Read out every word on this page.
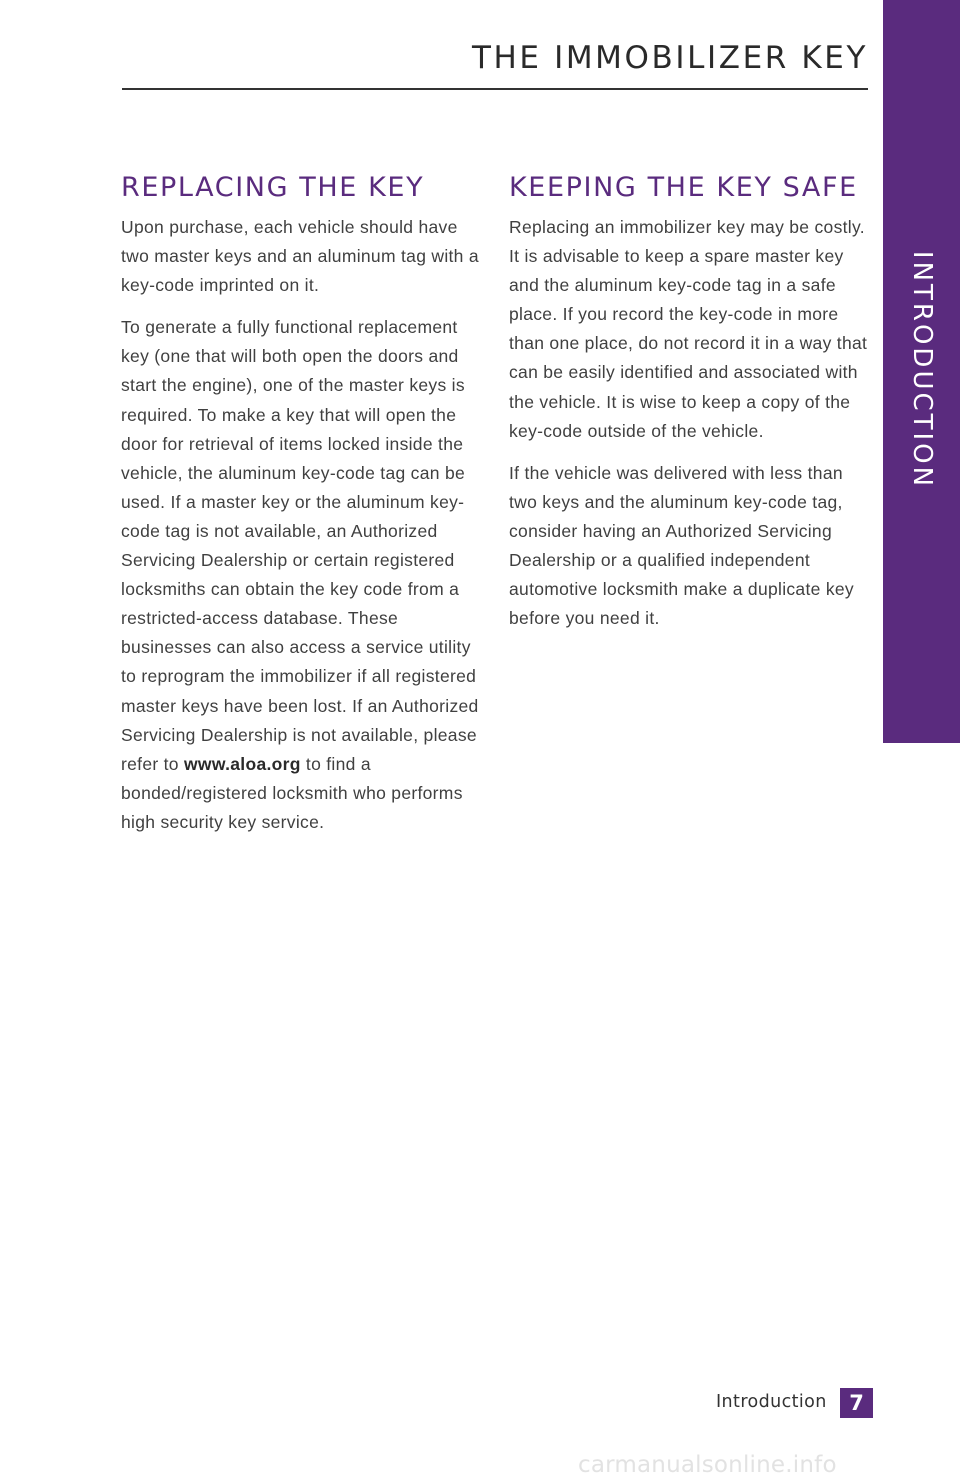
INTRODUCTION
THE IMMOBILIZER KEY
REPLACING THE KEY

Upon purchase, each vehicle should have two master keys and an aluminum tag with a key-code imprinted on it.

To generate a fully functional replacement key (one that will both open the doors and start the engine), one of the master keys is required. To make a key that will open the door for retrieval of items locked inside the vehicle, the aluminum key-code tag can be used. If a master key or the aluminum key-code tag is not available, an Authorized Servicing Dealership or certain registered locksmiths can obtain the key code from a restricted-access database. These businesses can also access a service utility to reprogram the immobilizer if all registered master keys have been lost. If an Authorized Servicing Dealership is not available, please refer to www.aloa.org to find a bonded/registered locksmith who performs high security key service.

KEEPING THE KEY SAFE

Replacing an immobilizer key may be costly. It is advisable to keep a spare master key and the aluminum key-code tag in a safe place. If you record the key-code in more than one place, do not record it in a way that can be easily identified and associated with the vehicle. It is wise to keep a copy of the key-code outside of the vehicle.

If the vehicle was delivered with less than two keys and the aluminum key-code tag, consider having an Authorized Servicing Dealership or a qualified independent automotive locksmith make a duplicate key before you need it.

Introduction	7
carmanualsonline.info
